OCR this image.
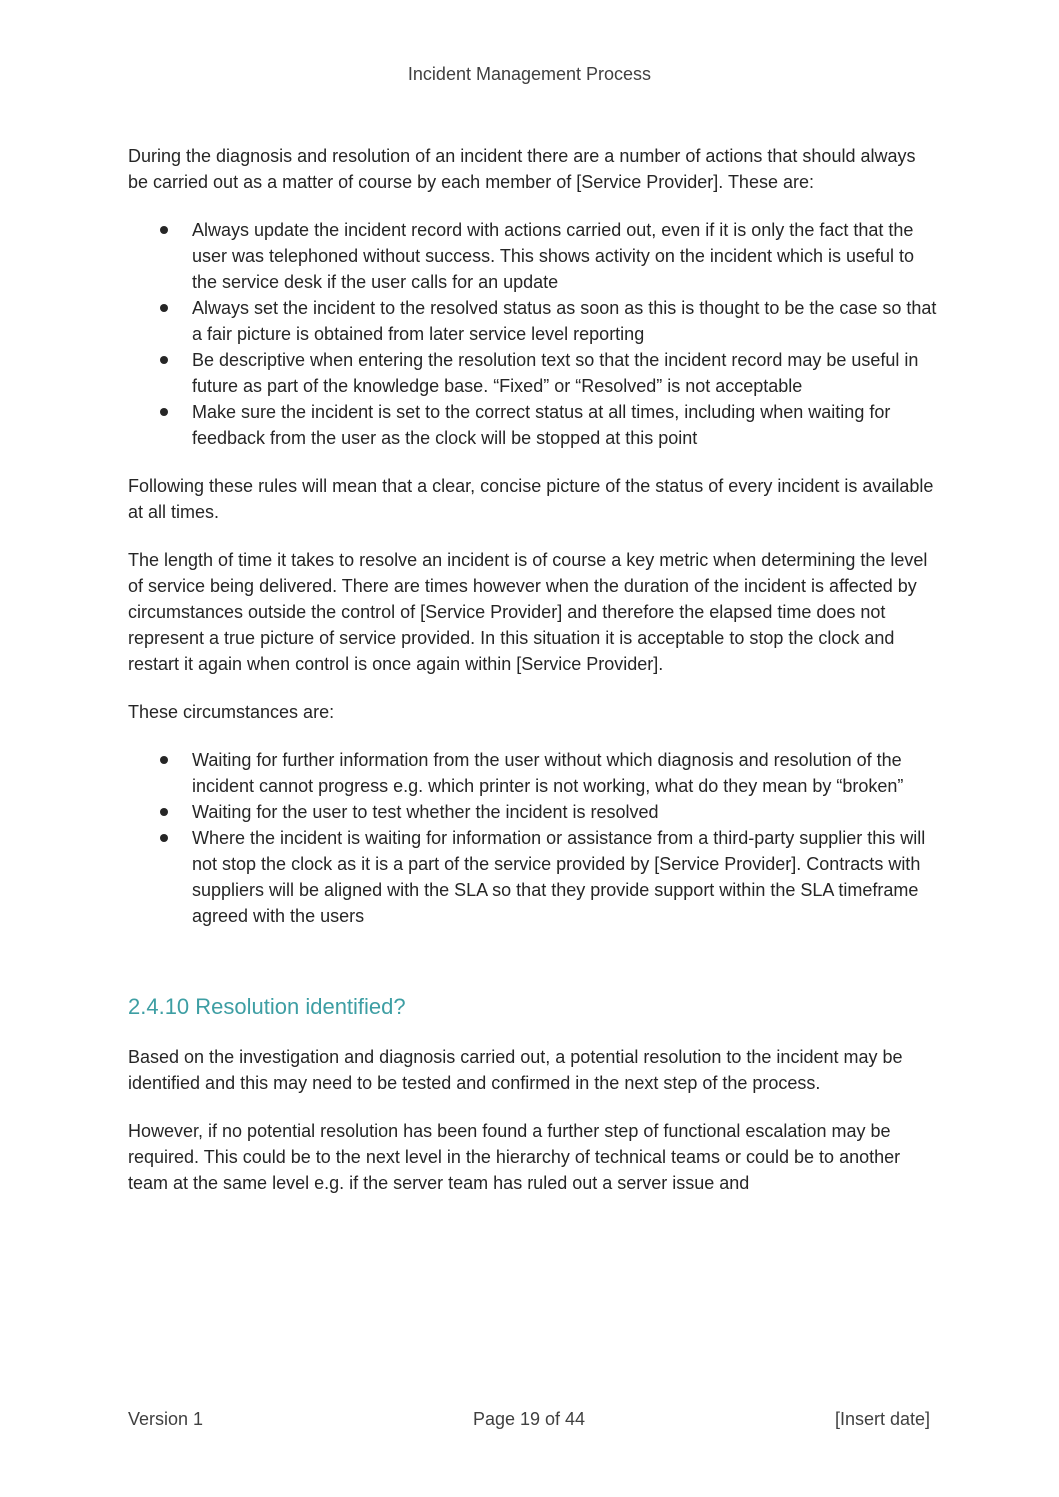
Incident Management Process

During the diagnosis and resolution of an incident there are a number of actions that should always be carried out as a matter of course by each member of [Service Provider]. These are:

Always update the incident record with actions carried out, even if it is only the fact that the user was telephoned without success. This shows activity on the incident which is useful to the service desk if the user calls for an update
Always set the incident to the resolved status as soon as this is thought to be the case so that a fair picture is obtained from later service level reporting
Be descriptive when entering the resolution text so that the incident record may be useful in future as part of the knowledge base. “Fixed” or “Resolved” is not acceptable
Make sure the incident is set to the correct status at all times, including when waiting for feedback from the user as the clock will be stopped at this point

Following these rules will mean that a clear, concise picture of the status of every incident is available at all times.

The length of time it takes to resolve an incident is of course a key metric when determining the level of service being delivered. There are times however when the duration of the incident is affected by circumstances outside the control of [Service Provider] and therefore the elapsed time does not represent a true picture of service provided. In this situation it is acceptable to stop the clock and restart it again when control is once again within [Service Provider].

These circumstances are:

Waiting for further information from the user without which diagnosis and resolution of the incident cannot progress e.g. which printer is not working, what do they mean by “broken”
Waiting for the user to test whether the incident is resolved
Where the incident is waiting for information or assistance from a third-party supplier this will not stop the clock as it is a part of the service provided by [Service Provider]. Contracts with suppliers will be aligned with the SLA so that they provide support within the SLA timeframe agreed with the users
2.4.10 Resolution identified?

Based on the investigation and diagnosis carried out, a potential resolution to the incident may be identified and this may need to be tested and confirmed in the next step of the process.

However, if no potential resolution has been found a further step of functional escalation may be required. This could be to the next level in the hierarchy of technical teams or could be to another team at the same level e.g. if the server team has ruled out a server issue and

Version 1	Page 19 of 44	[Insert date]
